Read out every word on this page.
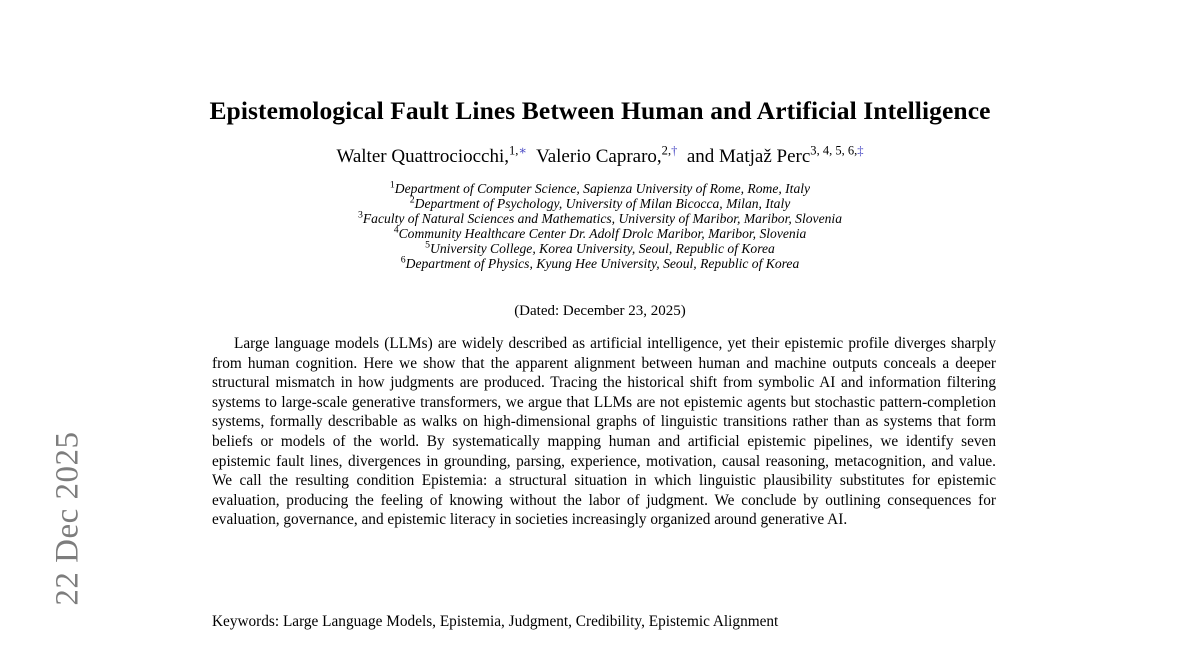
22 Dec 2025
Epistemological Fault Lines Between Human and Artificial Intelligence
Walter Quattrociocchi,$^{1,∗}$ Valerio Capraro,$^{2,\dagger}$ and Matjaž Perc$^{3, 4, 5, 6,\ddagger}$
$^1$Department of Computer Science, Sapienza University of Rome, Rome, Italy
$^2$Department of Psychology, University of Milan Bicocca, Milan, Italy
$^3$Faculty of Natural Sciences and Mathematics, University of Maribor, Maribor, Slovenia
$^4$Community Healthcare Center Dr. Adolf Drolc Maribor, Maribor, Slovenia
$^5$University College, Korea University, Seoul, Republic of Korea
$^6$Department of Physics, Kyung Hee University, Seoul, Republic of Korea
(Dated: December 23, 2025)
Large language models (LLMs) are widely described as artificial intelligence, yet their epistemic profile diverges sharply from human cognition. Here we show that the apparent alignment between human and machine outputs conceals a deeper structural mismatch in how judgments are produced. Tracing the historical shift from symbolic AI and information filtering systems to large-scale generative transformers, we argue that LLMs are not epistemic agents but stochastic pattern-completion systems, formally describable as walks on high-dimensional graphs of linguistic transitions rather than as systems that form beliefs or models of the world. By systematically mapping human and artificial epistemic pipelines, we identify seven epistemic fault lines, divergences in grounding, parsing, experience, motivation, causal reasoning, metacognition, and value. We call the resulting condition Epistemia: a structural situation in which linguistic plausibility substitutes for epistemic evaluation, producing the feeling of knowing without the labor of judgment. We conclude by outlining consequences for evaluation, governance, and epistemic literacy in societies increasingly organized around generative AI.
Keywords: Large Language Models, Epistemia, Judgment, Credibility, Epistemic Alignment
